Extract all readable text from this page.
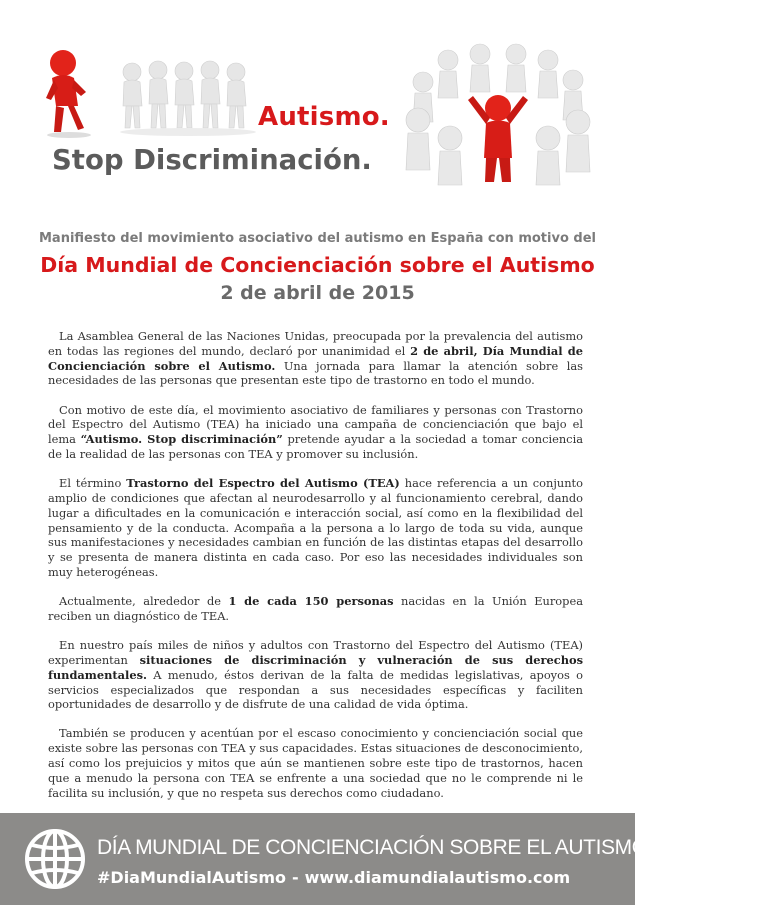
Autismo.
Stop Discriminación.
Manifiesto del movimiento asociativo del autismo en España con motivo del
Día Mundial de Concienciación sobre el Autismo
2 de abril de 2015

La Asamblea General de las Naciones Unidas, preocupada por la prevalencia del autismo en todas las regiones del mundo, declaró por unanimidad el 2 de abril, Día Mundial de Concienciación sobre el Autismo. Una jornada para llamar la atención sobre las necesidades de las personas que presentan este tipo de trastorno en todo el mundo.

Con motivo de este día, el movimiento asociativo de familiares y personas con Trastorno del Espectro del Autismo (TEA) ha iniciado una campaña de concienciación que bajo el lema “Autismo. Stop discriminación” pretende ayudar a la sociedad a tomar conciencia de la realidad de las personas con TEA y promover su inclusión.

El término Trastorno del Espectro del Autismo (TEA) hace referencia a un conjunto amplio de condiciones que afectan al neurodesarrollo y al funcionamiento cerebral, dando lugar a dificultades en la comunicación e interacción social, así como en la flexibilidad del pensamiento y de la conducta. Acompaña a la persona a lo largo de toda su vida, aunque sus manifestaciones y necesidades cambian en función de las distintas etapas del desarrollo y se presenta de manera distinta en cada caso. Por eso las necesidades individuales son muy heterogéneas.

Actualmente, alrededor de 1 de cada 150 personas nacidas en la Unión Europea reciben un diagnóstico de TEA.

En nuestro país miles de niños y adultos con Trastorno del Espectro del Autismo (TEA) experimentan situaciones de discriminación y vulneración de sus derechos fundamentales. A menudo, éstos derivan de la falta de medidas legislativas, apoyos o servicios especializados que respondan a sus necesidades específicas y faciliten oportunidades de desarrollo y de disfrute de una calidad de vida óptima.

También se producen y acentúan por el escaso conocimiento y concienciación social que existe sobre las personas con TEA y sus capacidades. Estas situaciones de desconocimiento, así como los prejuicios y mitos que aún se mantienen sobre este tipo de trastornos, hacen que a menudo la persona con TEA se enfrente a una sociedad que no le comprende ni le facilita su inclusión, y que no respeta sus derechos como ciudadano.

DÍA MUNDIAL DE CONCIENCIACIÓN SOBRE EL AUTISMO | 2 DE ABRIL
#DiaMundialAutismo - www.diamundialautismo.com
